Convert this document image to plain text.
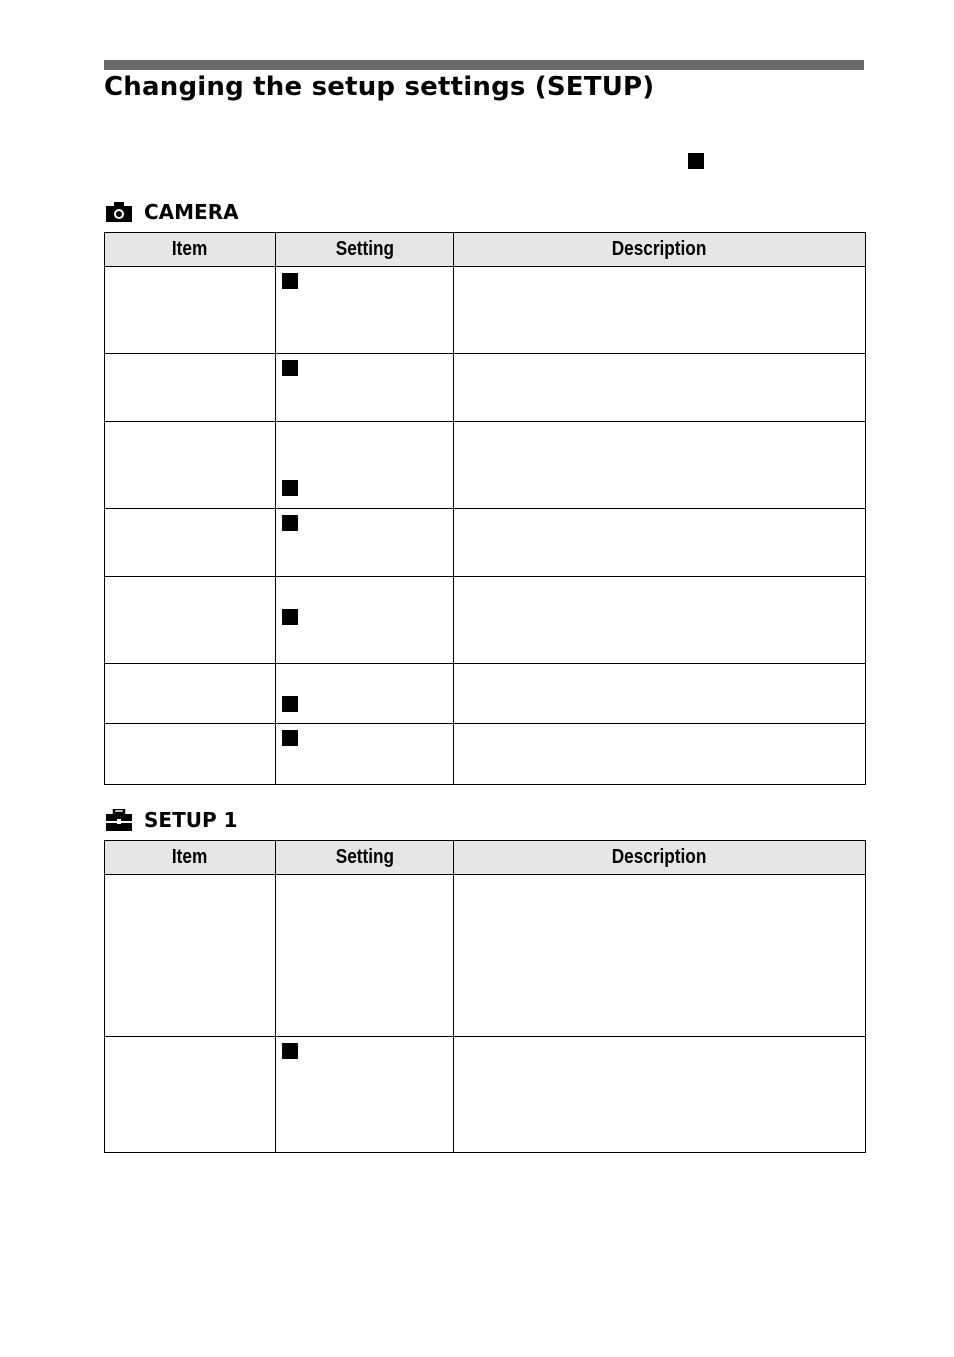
Changing the setup settings (SETUP)
CAMERA
Item	Setting	Description

SETUP 1
Item	Setting	Description
